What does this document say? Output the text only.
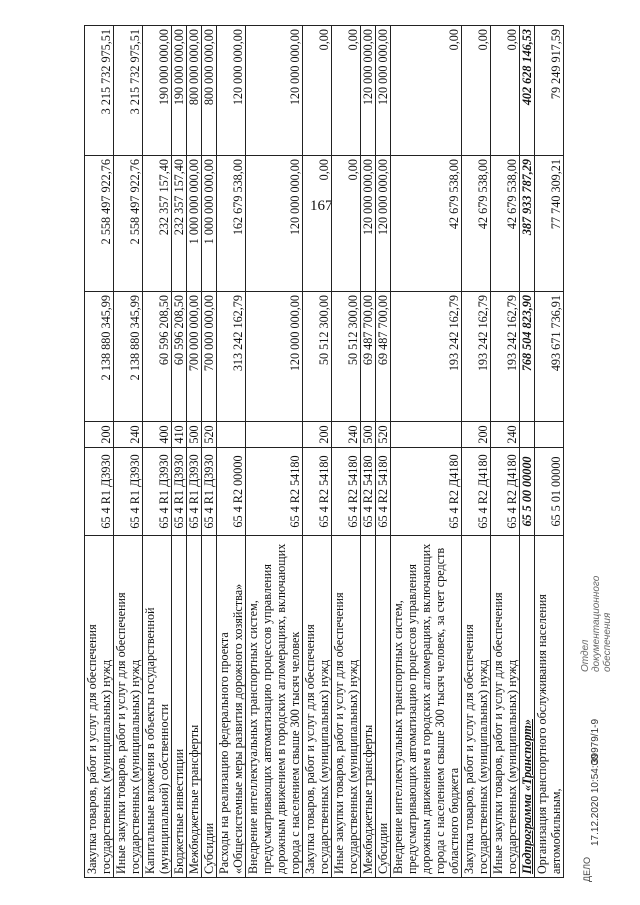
167
Закупка товаров, работ и услуг для обеспечения государственных (муниципальных) нужд	65 4 R1 Д3930	200	2 138 880 345,99	2 558 497 922,76	3 215 732 975,51
Иные закупки товаров, работ и услуг для обеспечения государственных (муниципальных) нужд	65 4 R1 Д3930	240	2 138 880 345,99	2 558 497 922,76	3 215 732 975,51
Капитальные вложения в объекты государственной (муниципальной) собственности	65 4 R1 Д3930	400	60 596 208,50	232 357 157,40	190 000 000,00
Бюджетные инвестиции	65 4 R1 Д3930	410	60 596 208,50	232 357 157,40	190 000 000,00
Межбюджетные трансферты	65 4 R1 Д3930	500	700 000 000,00	1 000 000 000,00	800 000 000,00
Субсидии	65 4 R1 Д3930	520	700 000 000,00	1 000 000 000,00	800 000 000,00
Расходы на реализацию федерального проекта «Общесистемные меры развития дорожного хозяйства»	65 4 R2 00000		313 242 162,79	162 679 538,00	120 000 000,00
Внедрение интеллектуальных транспортных систем, предусматривающих автоматизацию процессов управления дорожным движением в городских агломерациях, включающих города с населением свыше 300 тысяч человек	65 4 R2 54180		120 000 000,00	120 000 000,00	120 000 000,00
Закупка товаров, работ и услуг для обеспечения государственных (муниципальных) нужд	65 4 R2 54180	200	50 512 300,00	0,00	0,00
Иные закупки товаров, работ и услуг для обеспечения государственных (муниципальных) нужд	65 4 R2 54180	240	50 512 300,00	0,00	0,00
Межбюджетные трансферты	65 4 R2 54180	500	69 487 700,00	120 000 000,00	120 000 000,00
Субсидии	65 4 R2 54180	520	69 487 700,00	120 000 000,00	120 000 000,00
Внедрение интеллектуальных транспортных систем, предусматривающих автоматизацию процессов управления дорожным движением в городских агломерациях, включающих города с населением свыше 300 тысяч человек, за счет средств областного бюджета	65 4 R2 Д4180		193 242 162,79	42 679 538,00	0,00
Закупка товаров, работ и услуг для обеспечения государственных (муниципальных) нужд	65 4 R2 Д4180	200	193 242 162,79	42 679 538,00	0,00
Иные закупки товаров, работ и услуг для обеспечения государственных (муниципальных) нужд	65 4 R2 Д4180	240	193 242 162,79	42 679 538,00	0,00
Подпрограмма «Транспорт»	65 5 00 00000		768 504 823,90	387 933 787,29	402 628 146,53
Организация транспортного обслуживания населения автомобильным,	65 5 01 00000		493 671 736,91	77 740 309,21	79 249 917,59
ДЕЛО
17.12.2020 10:54:00
39979/1-9
Отдел документационного обеспечения
